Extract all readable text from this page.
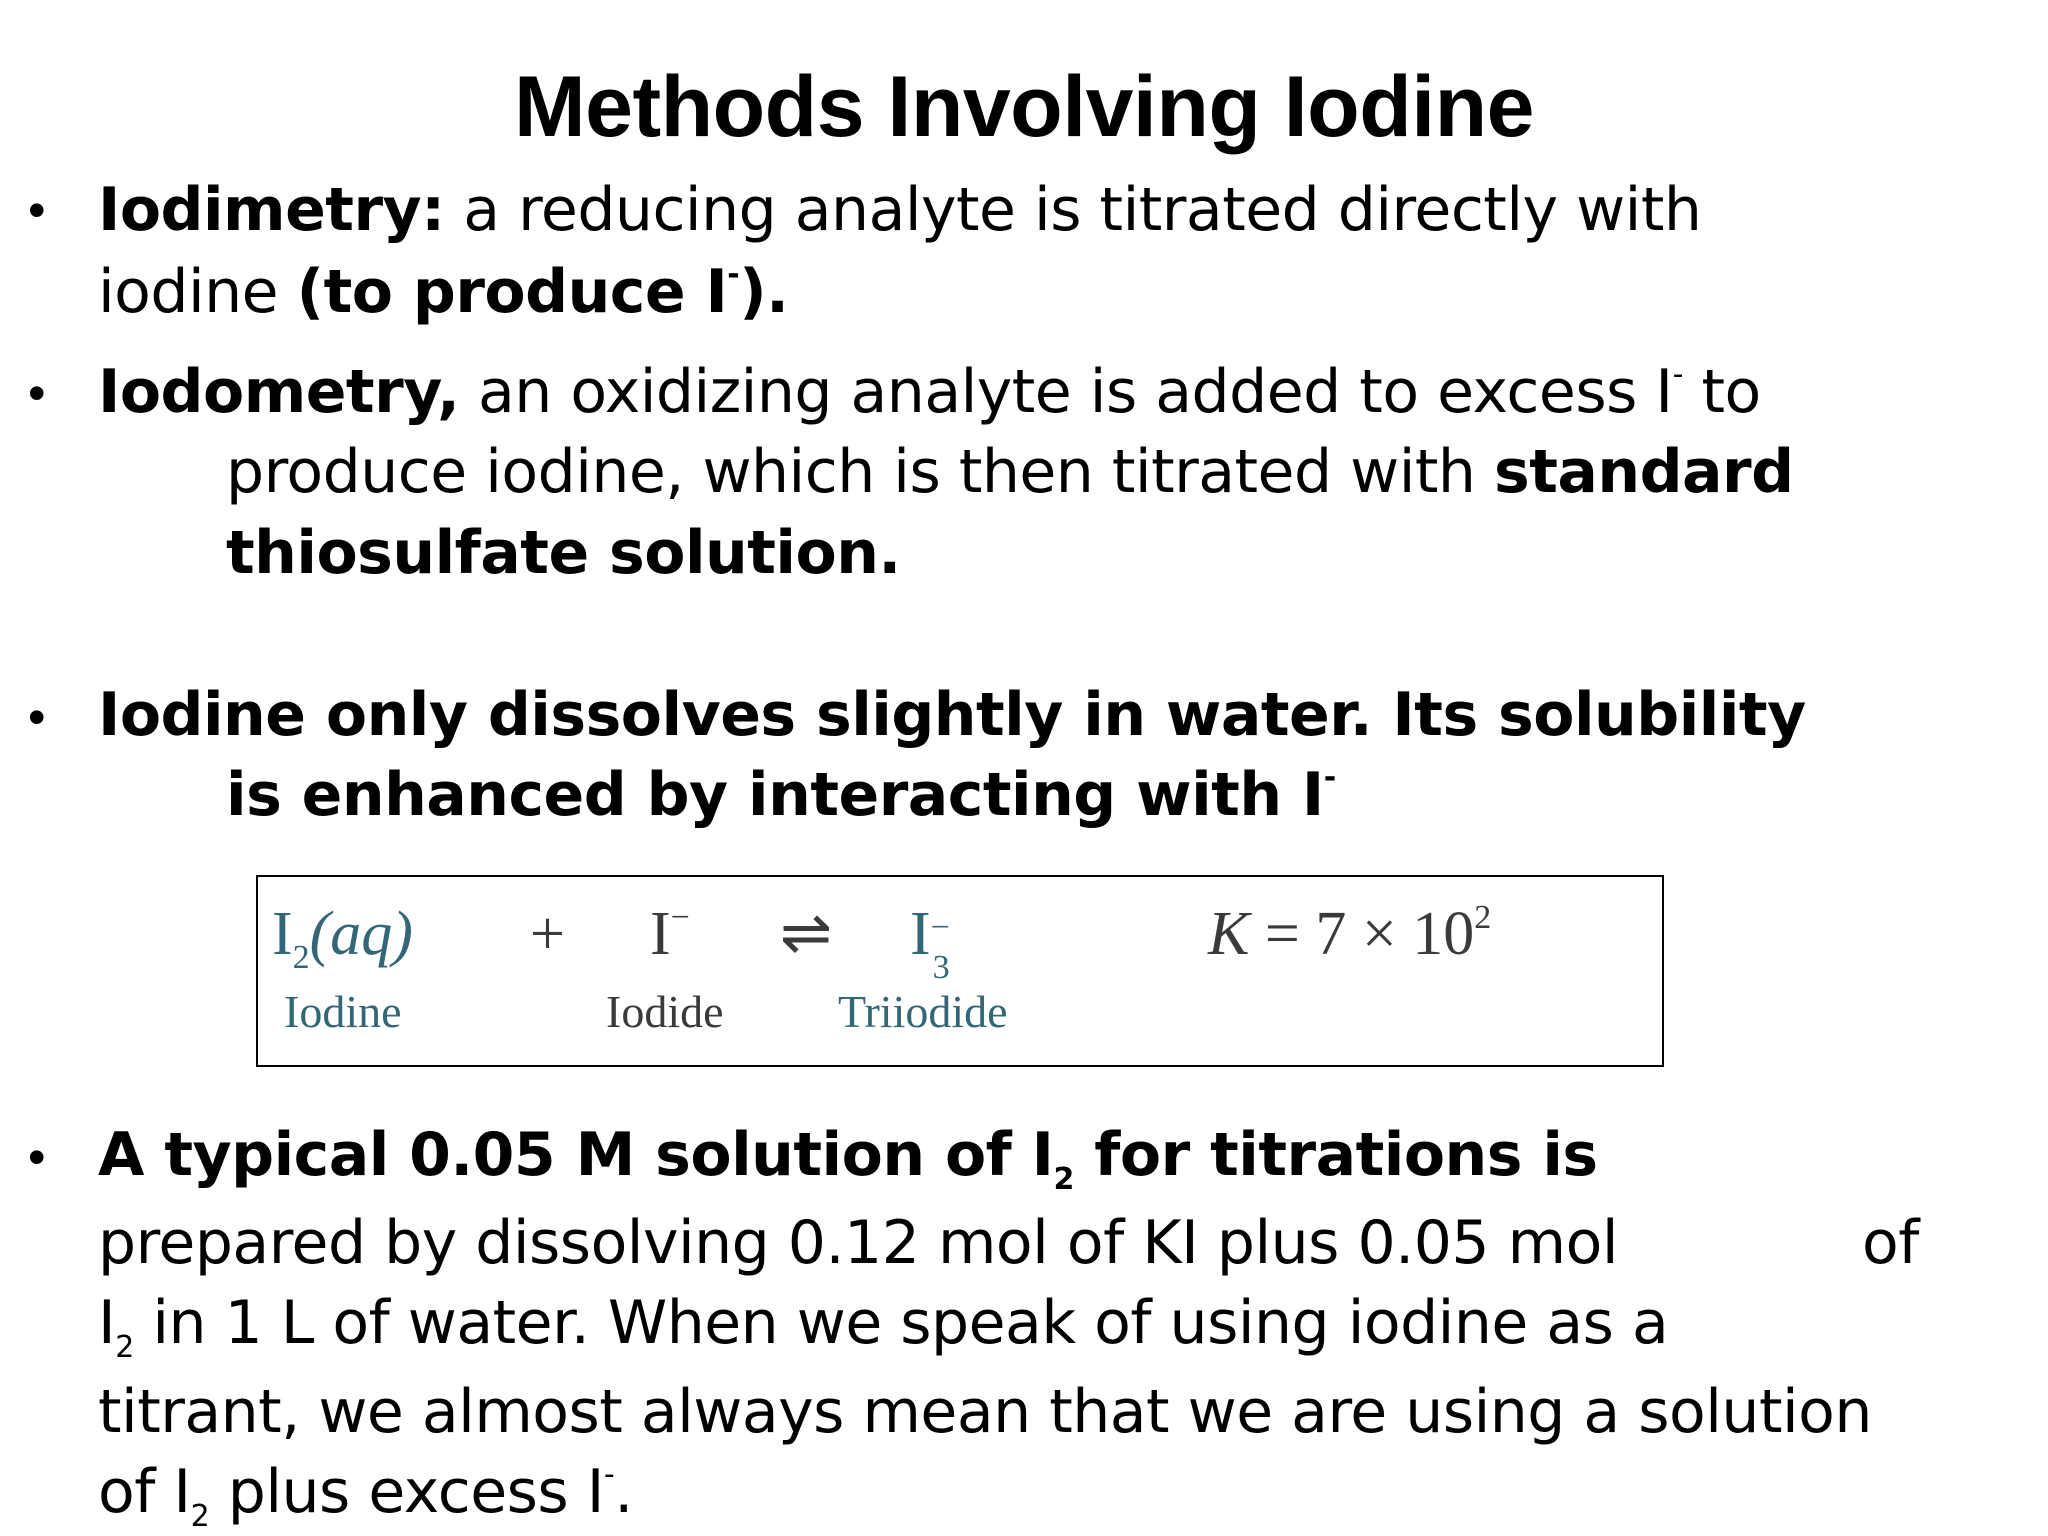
Methods Involving Iodine
• Iodimetry: a reducing analyte is titrated directly with
iodine (to produce I-).
• Iodometry, an oxidizing analyte is added to excess I- to
produce iodine, which is then titrated with standard
thiosulfate solution.
• Iodine only dissolves slightly in water. Its solubility
is enhanced by interacting with I-
$I_2(aq) + I^-$ ⇌ I −
3	$K = 7 \times 10^2$
Iodine	Iodide Triiodide
• A typical 0.05 M solution of $I_2$ for titrations is
prepared by dissolving 0.12 mol of KI plus 0.05 mol	of
$I_2$ in 1 L of water. When we speak of using iodine as a
titrant, we almost always mean that we are using a solution
of $I_2$ plus excess I-.
